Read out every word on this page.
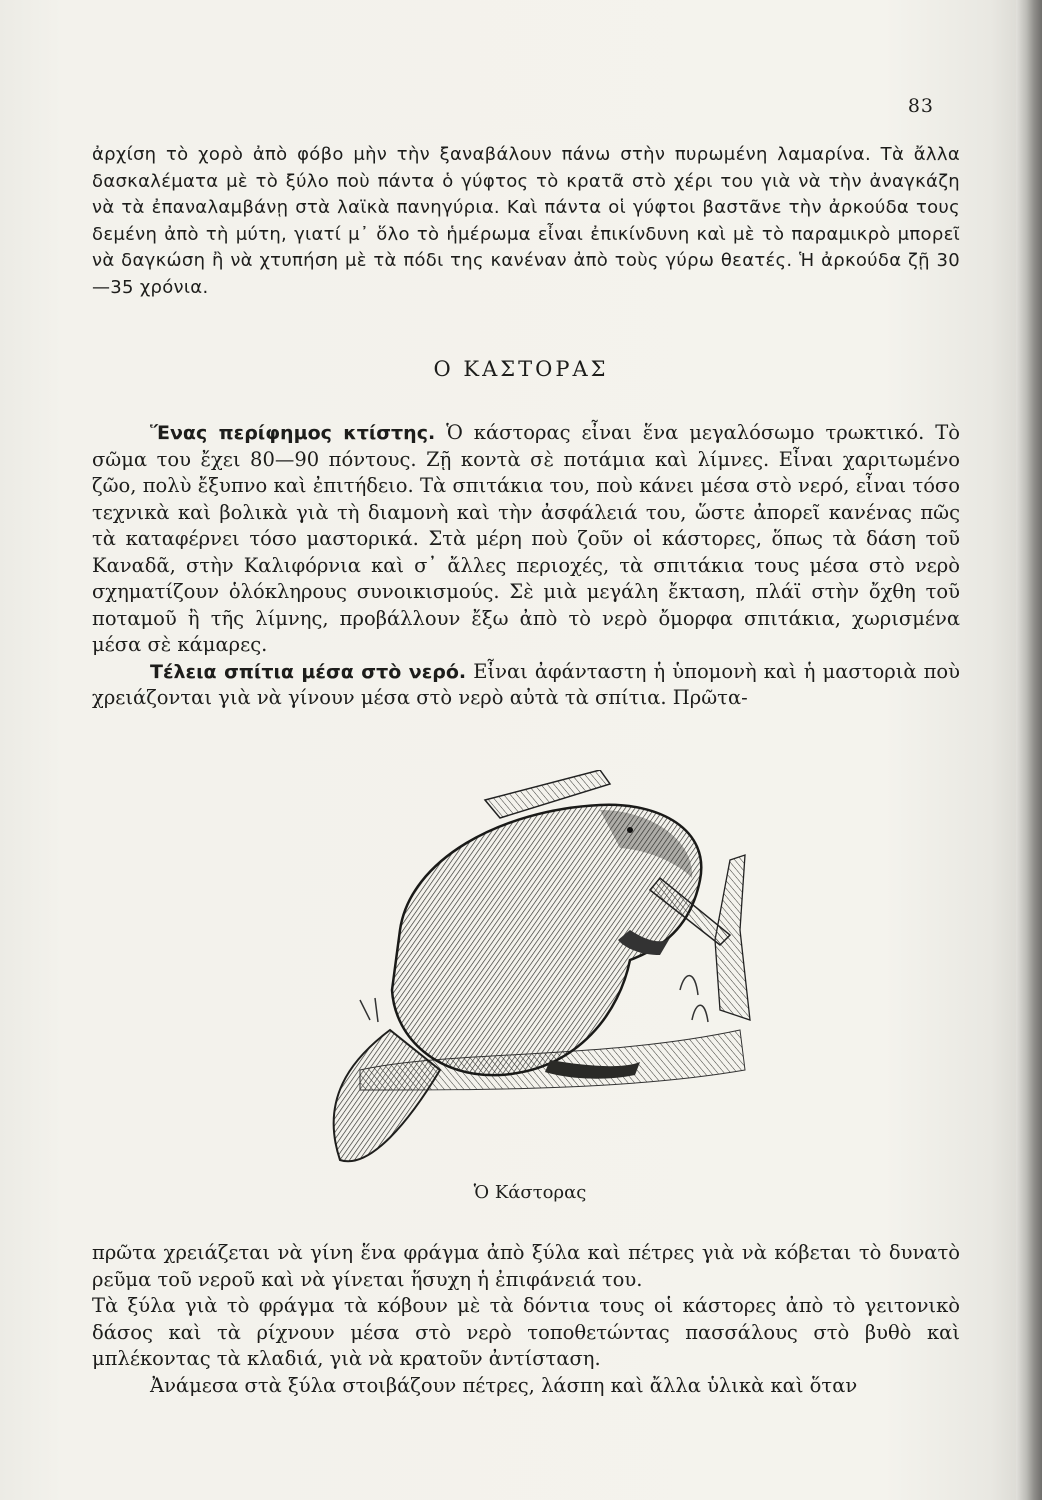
83

ἀρχίση τὸ χορὸ ἀπὸ φόβο μὴν τὴν ξαναβάλουν πάνω στὴν πυρωμένη λαμαρίνα. Τὰ ἄλλα δασκαλέματα μὲ τὸ ξύλο ποὺ πάντα ὁ γύφτος τὸ κρατᾶ στὸ χέρι του γιὰ νὰ τὴν ἀναγκάζη νὰ τὰ ἐπαναλαμβάνῃ στὰ λαϊκὰ πανηγύρια. Καὶ πάντα οἱ γύφτοι βαστᾶνε τὴν ἀρκούδα τους δεμένη ἀπὸ τὴ μύτη, γιατί μ᾿ ὅλο τὸ ἡμέρωμα εἶναι ἐπικίνδυνη καὶ μὲ τὸ παραμικρὸ μπορεῖ νὰ δαγκώση ἢ νὰ χτυπήση μὲ τὰ πόδι της κανέναν ἀπὸ τοὺς γύρω θεατές. Ἡ ἀρκούδα ζῇ 30—35 χρόνια.

Ο ΚΑΣΤΟΡΑΣ

Ἕνας περίφημος κτίστης. Ὁ κάστορας εἶναι ἕνα μεγαλόσωμο τρωκτικό. Τὸ σῶμα του ἔχει 80—90 πόντους. Ζῇ κοντὰ σὲ ποτάμια καὶ λίμνες. Εἶναι χαριτωμένο ζῶο, πολὺ ἔξυπνο καὶ ἐπιτήδειο. Τὰ σπιτάκια του, ποὺ κάνει μέσα στὸ νερό, εἶναι τόσο τεχνικὰ καὶ βολικὰ γιὰ τὴ διαμονὴ καὶ τὴν ἀσφάλειά του, ὥστε ἀπορεῖ κανένας πῶς τὰ καταφέρνει τόσο μαστορικά. Στὰ μέρη ποὺ ζοῦν οἱ κάστορες, ὅπως τὰ δάση τοῦ Καναδᾶ, στὴν Καλιφόρνια καὶ σ᾿ ἄλλες περιοχές, τὰ σπιτάκια τους μέσα στὸ νερὸ σχηματίζουν ὁλόκληρους συνοικισμούς. Σὲ μιὰ μεγάλη ἔκταση, πλάϊ στὴν ὄχθη τοῦ ποταμοῦ ἢ τῆς λίμνης, προβάλλουν ἔξω ἀπὸ τὸ νερὸ ὄμορφα σπιτάκια, χωρισμένα μέσα σὲ κάμαρες.

Τέλεια σπίτια μέσα στὸ νερό. Εἶναι ἀφάνταστη ἡ ὑπομονὴ καὶ ἡ μαστοριὰ ποὺ χρειάζονται γιὰ νὰ γίνουν μέσα στὸ νερὸ αὐτὰ τὰ σπίτια. Πρῶτα-

Ὁ Κάστορας

πρῶτα χρειάζεται νὰ γίνη ἕνα φράγμα ἀπὸ ξύλα καὶ πέτρες γιὰ νὰ κόβεται τὸ δυνατὸ ρεῦμα τοῦ νεροῦ καὶ νὰ γίνεται ἥσυχη ἡ ἐπιφάνειά του.

Τὰ ξύλα γιὰ τὸ φράγμα τὰ κόβουν μὲ τὰ δόντια τους οἱ κάστορες ἀπὸ τὸ γειτονικὸ δάσος καὶ τὰ ρίχνουν μέσα στὸ νερὸ τοποθετώντας πασσάλους στὸ βυθὸ καὶ μπλέκοντας τὰ κλαδιά, γιὰ νὰ κρατοῦν ἀντίσταση.

Ἀνάμεσα στὰ ξύλα στοιβάζουν πέτρες, λάσπη καὶ ἄλλα ὑλικὰ καὶ ὅταν
